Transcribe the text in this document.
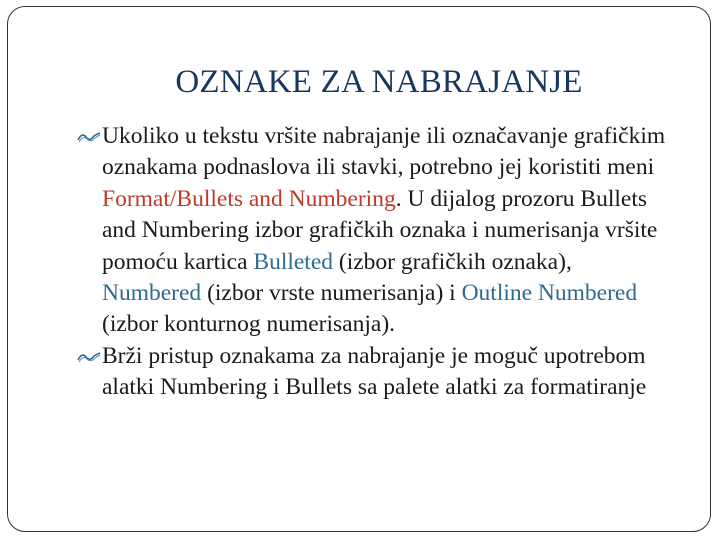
OZNAKE ZA NABRAJANJE
Ukoliko u tekstu vršite nabrajanje ili označavanje grafičkim oznakama podnaslova ili stavki, potrebno jej koristiti meni Format/Bullets and Numbering. U dijalog prozoru Bullets and Numbering izbor grafičkih oznaka i numerisanja vršite pomoću kartica Bulleted (izbor grafičkih oznaka), Numbered (izbor vrste numerisanja) i Outline Numbered (izbor konturnog numerisanja).
Brži pristup oznakama za nabrajanje je moguč upotrebom alatki Numbering i Bullets sa palete alatki za formatiranje
